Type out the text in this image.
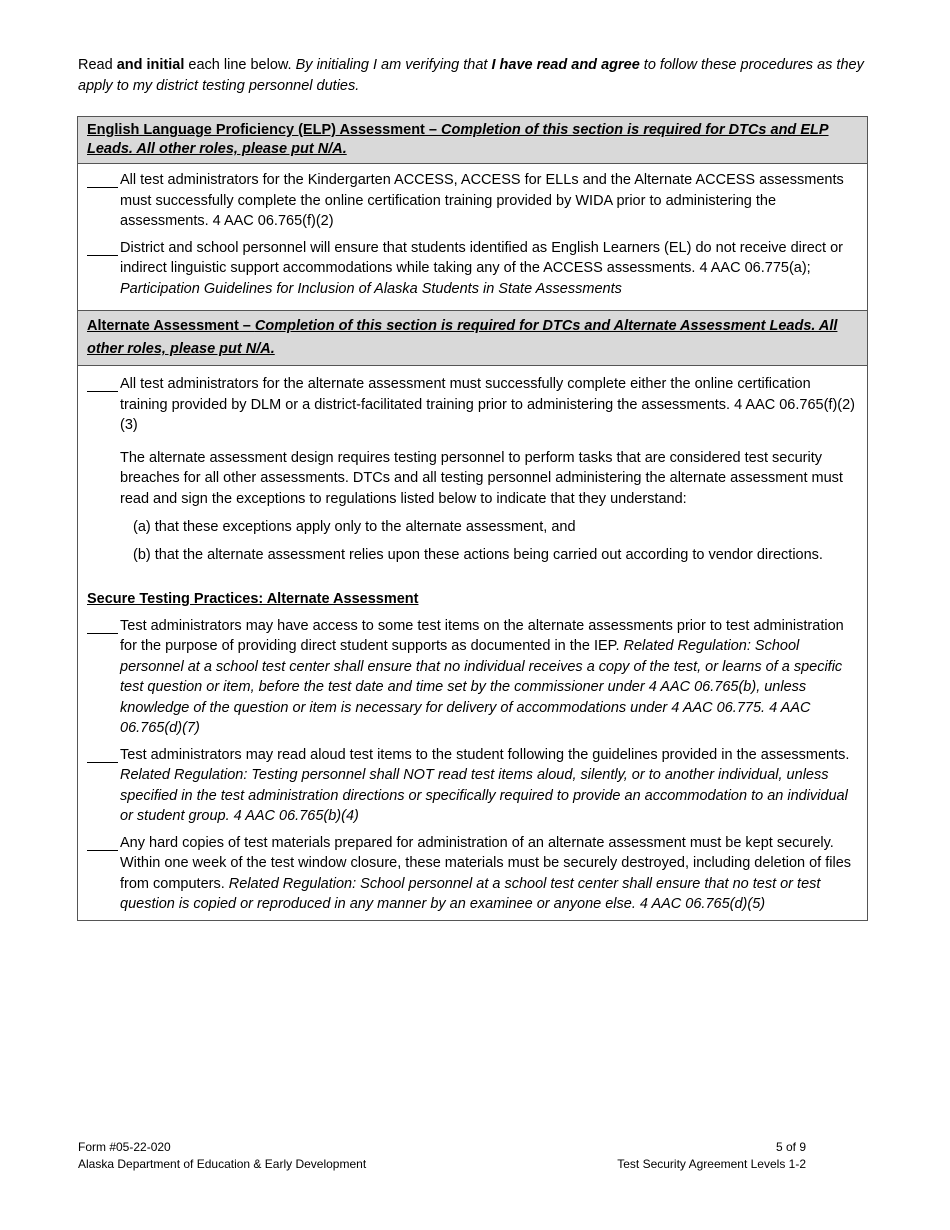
Read and initial each line below. By initialing I am verifying that I have read and agree to follow these procedures as they apply to my district testing personnel duties.
English Language Proficiency (ELP) Assessment – Completion of this section is required for DTCs and ELP Leads. All other roles, please put N/A.
All test administrators for the Kindergarten ACCESS, ACCESS for ELLs and the Alternate ACCESS assessments must successfully complete the online certification training provided by WIDA prior to administering the assessments. 4 AAC 06.765(f)(2)
District and school personnel will ensure that students identified as English Learners (EL) do not receive direct or indirect linguistic support accommodations while taking any of the ACCESS assessments. 4 AAC 06.775(a); Participation Guidelines for Inclusion of Alaska Students in State Assessments
Alternate Assessment – Completion of this section is required for DTCs and Alternate Assessment Leads. All other roles, please put N/A.
All test administrators for the alternate assessment must successfully complete either the online certification training provided by DLM or a district-facilitated training prior to administering the assessments. 4 AAC 06.765(f)(2)(3)
The alternate assessment design requires testing personnel to perform tasks that are considered test security breaches for all other assessments. DTCs and all testing personnel administering the alternate assessment must read and sign the exceptions to regulations listed below to indicate that they understand:
(a) that these exceptions apply only to the alternate assessment, and
(b) that the alternate assessment relies upon these actions being carried out according to vendor directions.
Secure Testing Practices: Alternate Assessment
Test administrators may have access to some test items on the alternate assessments prior to test administration for the purpose of providing direct student supports as documented in the IEP. Related Regulation: School personnel at a school test center shall ensure that no individual receives a copy of the test, or learns of a specific test question or item, before the test date and time set by the commissioner under 4 AAC 06.765(b), unless knowledge of the question or item is necessary for delivery of accommodations under 4 AAC 06.775. 4 AAC 06.765(d)(7)
Test administrators may read aloud test items to the student following the guidelines provided in the assessments. Related Regulation: Testing personnel shall NOT read test items aloud, silently, or to another individual, unless specified in the test administration directions or specifically required to provide an accommodation to an individual or student group. 4 AAC 06.765(b)(4)
Any hard copies of test materials prepared for administration of an alternate assessment must be kept securely. Within one week of the test window closure, these materials must be securely destroyed, including deletion of files from computers. Related Regulation: School personnel at a school test center shall ensure that no test or test question is copied or reproduced in any manner by an examinee or anyone else. 4 AAC 06.765(d)(5)
Form #05-22-020
Alaska Department of Education & Early Development
5 of 9
Test Security Agreement Levels 1-2
